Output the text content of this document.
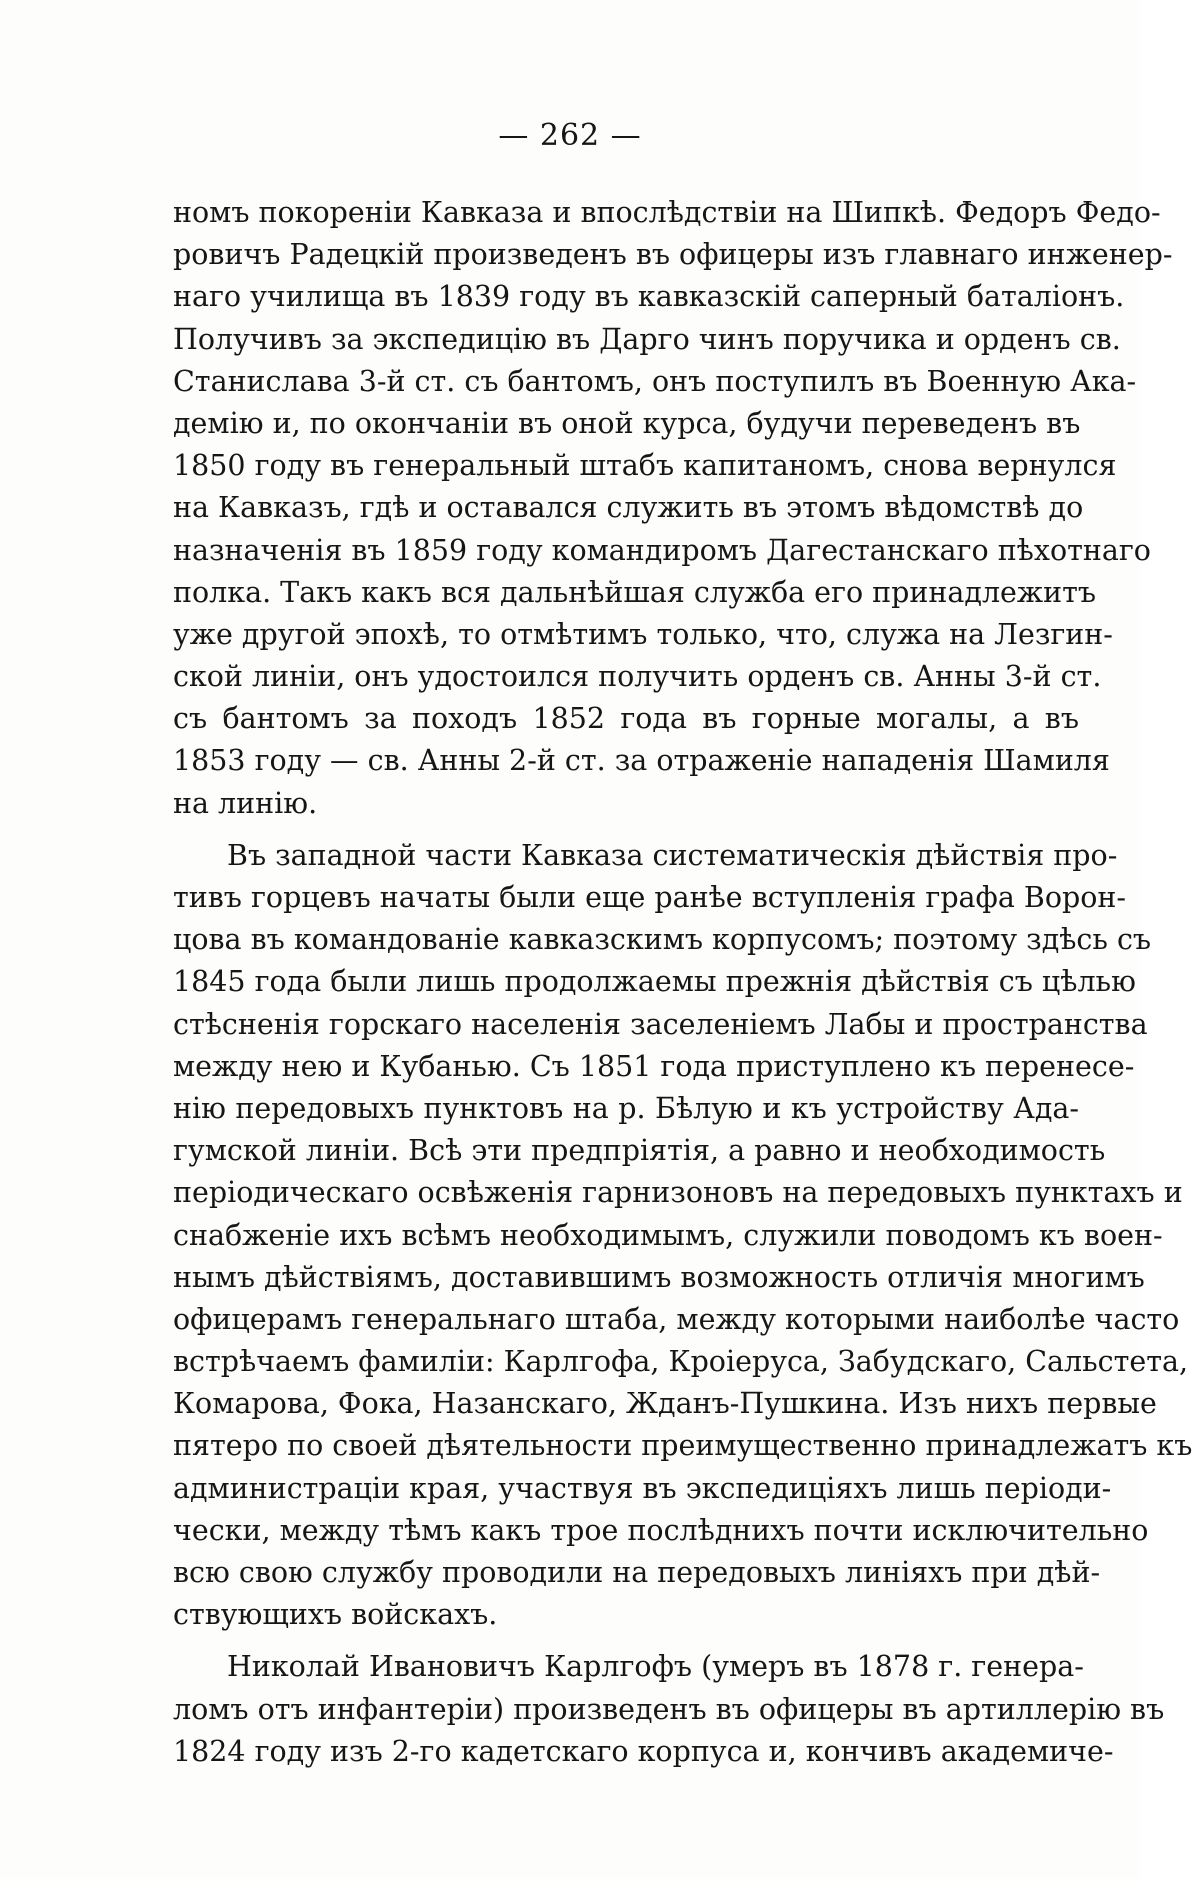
— 262 —
номъ покореніи Кавказа и впослѣдствіи на Шипкѣ. Федоръ Федо-
ровичъ Радецкій произведенъ въ офицеры изъ главнаго инженер-
наго училища въ 1839 году въ кавказскій саперный баталіонъ.
Получивъ за экспедицію въ Дарго чинъ поручика и орденъ св.
Станислава 3-й ст. съ бантомъ, онъ поступилъ въ Военную Ака-
демію и, по окончаніи въ оной курса, будучи переведенъ въ
1850 году въ генеральный штабъ капитаномъ, снова вернулся
на Кавказъ, гдѣ и оставался служить въ этомъ вѣдомствѣ до
назначенія въ 1859 году командиромъ Дагестанскаго пѣхотнаго
полка. Такъ какъ вся дальнѣйшая служба его принадлежитъ
уже другой эпохѣ, то отмѣтимъ только, что, служа на Лезгин-
ской линіи, онъ удостоился получить орденъ св. Анны 3-й ст.
съ бантомъ за походъ 1852 года въ горные могалы, а въ
1853 году — св. Анны 2-й ст. за отраженіе нападенія Шамиля
на линію.
Въ западной части Кавказа систематическія дѣйствія про-
тивъ горцевъ начаты были еще ранѣе вступленія графа Ворон-
цова въ командованіе кавказскимъ корпусомъ; поэтому здѣсь съ
1845 года были лишь продолжаемы прежнія дѣйствія съ цѣлью
стѣсненія горскаго населенія заселеніемъ Лабы и пространства
между нею и Кубанью. Съ 1851 года приступлено къ перенесе-
нію передовыхъ пунктовъ на р. Бѣлую и къ устройству Ада-
гумской линіи. Всѣ эти предпріятія, а равно и необходимость
періодическаго освѣженія гарнизоновъ на передовыхъ пунктахъ и
снабженіе ихъ всѣмъ необходимымъ, служили поводомъ къ воен-
нымъ дѣйствіямъ, доставившимъ возможность отличія многимъ
офицерамъ генеральнаго штаба, между которыми наиболѣе часто
встрѣчаемъ фамиліи: Карлгофа, Кроіеруса, Забудскаго, Сальстета,
Комарова, Фока, Назанскаго, Жданъ-Пушкина. Изъ нихъ первые
пятеро по своей дѣятельности преимущественно принадлежатъ къ
администраціи края, участвуя въ экспедиціяхъ лишь періоди-
чески, между тѣмъ какъ трое послѣднихъ почти исключительно
всю свою службу проводили на передовыхъ линіяхъ при дѣй-
ствующихъ войскахъ.
Николай Ивановичъ Карлгофъ (умеръ въ 1878 г. генера-
ломъ отъ инфантеріи) произведенъ въ офицеры въ артиллерію въ
1824 году изъ 2-го кадетскаго корпуса и, кончивъ академиче-
